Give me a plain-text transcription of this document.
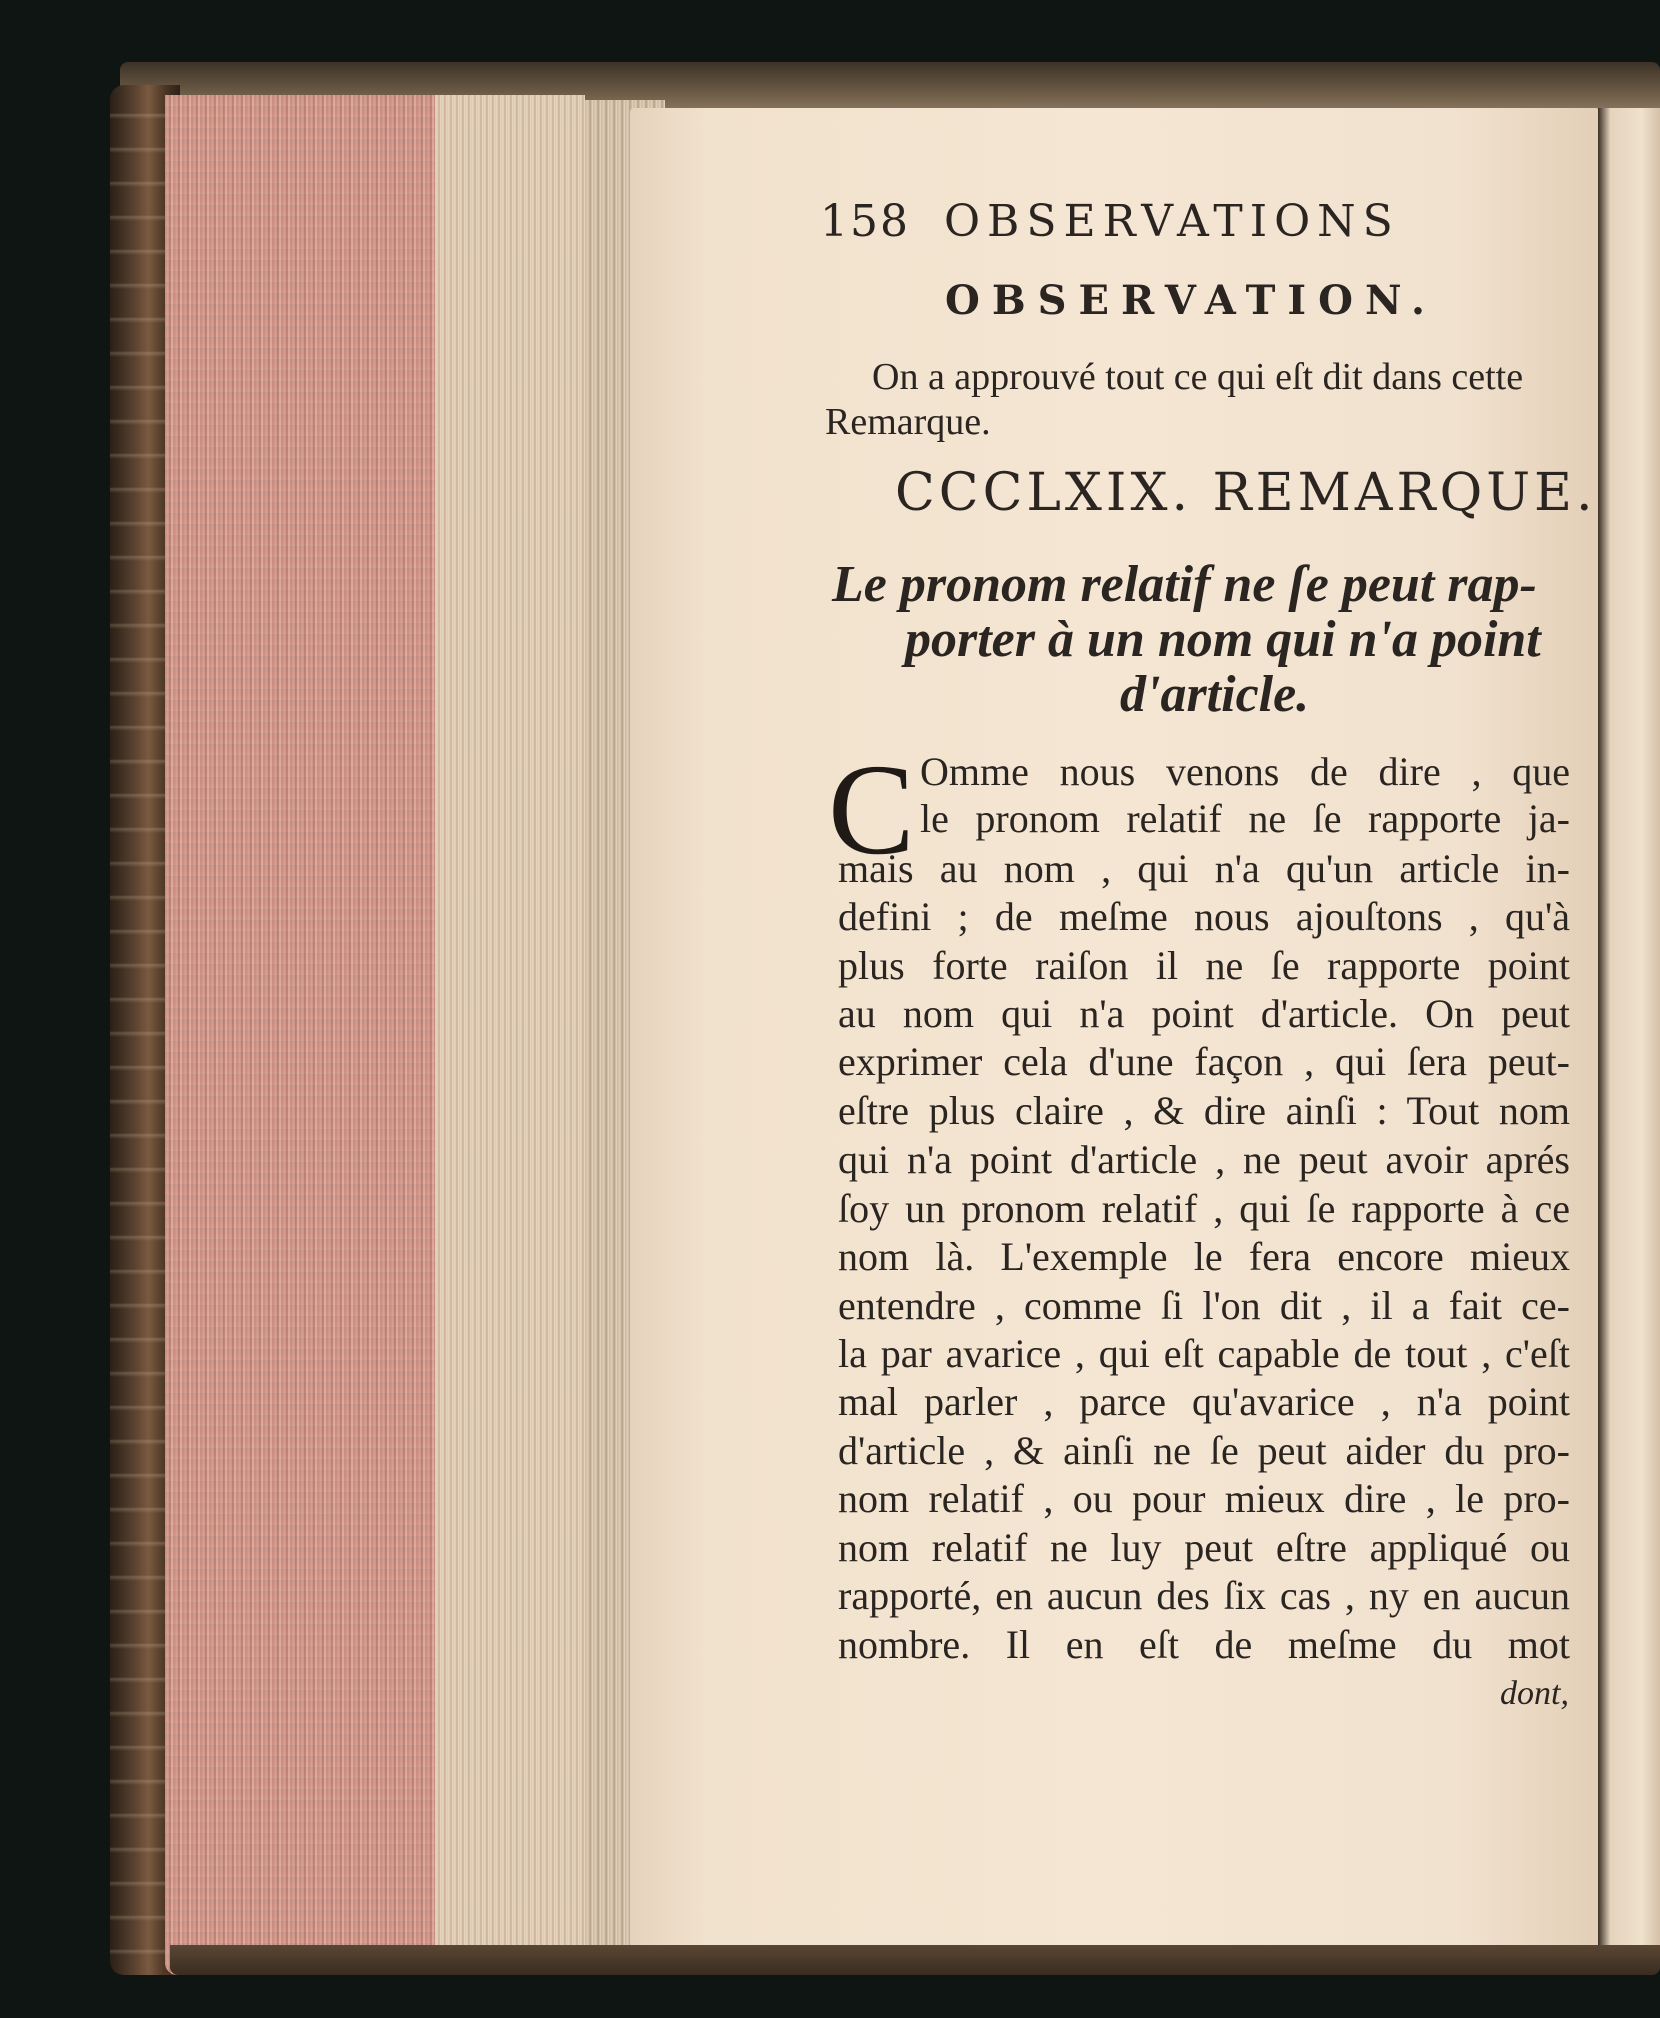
158 OBSERVATIONS
OBSERVATION.
On a approuvé tout ce qui eſt dit dans cette
Remarque.
CCCLXIX. REMARQUE.
Le pronom relatif ne ſe peut rap-
porter à un nom qui n'a point
d'article.
C Omme nous venons de dire , que
le pronom relatif ne ſe rapporte ja-
mais au nom , qui n'a qu'un article in-
defini ; de meſme nous ajouſtons , qu'à
plus forte raiſon il ne ſe rapporte point
au nom qui n'a point d'article. On peut
exprimer cela d'une façon , qui ſera peut-
eſtre plus claire , & dire ainſi : Tout nom
qui n'a point d'article , ne peut avoir aprés
ſoy un pronom relatif , qui ſe rapporte à ce
nom là. L'exemple le fera encore mieux
entendre , comme ſi l'on dit , il a fait ce-
la par avarice , qui eſt capable de tout , c'eſt
mal parler , parce qu'avarice , n'a point
d'article , & ainſi ne ſe peut aider du pro-
nom relatif , ou pour mieux dire , le pro-
nom relatif ne luy peut eſtre appliqué ou
rapporté, en aucun des ſix cas , ny en aucun
nombre. Il en eſt de meſme du mot
dont,
